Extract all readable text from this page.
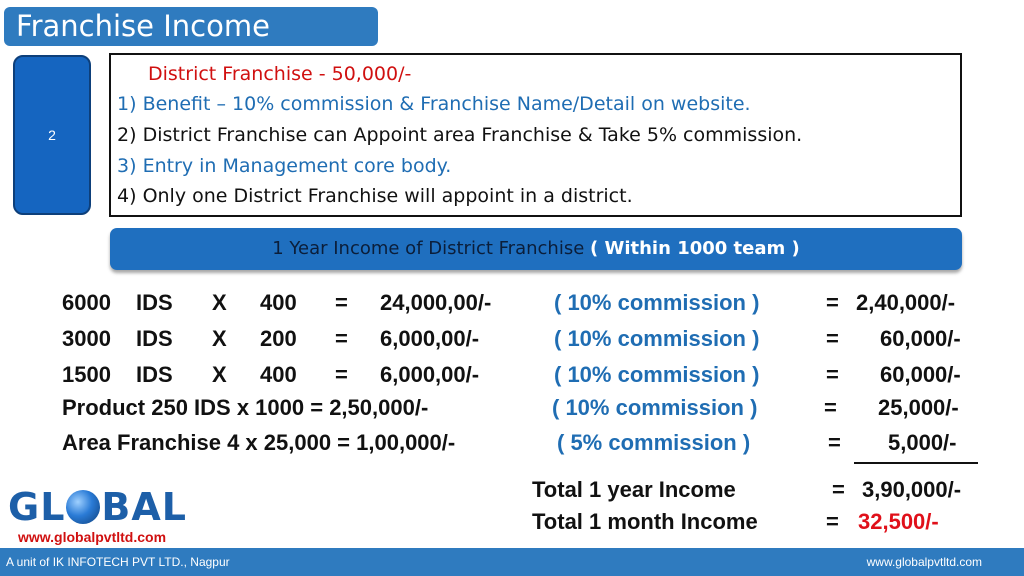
Franchise Income
2
District Franchise - 50,000/-
1) Benefit – 10% commission & Franchise Name/Detail on website.
2) District Franchise can Appoint area Franchise & Take 5% commission.
3) Entry in Management core body.
4) Only one District Franchise will appoint in a district.
1 Year Income of District Franchise ( Within 1000 team )
6000 IDS X 400 = 24,000,00/-	( 10% commission )	= 2,40,000/-
3000 IDS X 200 = 6,000,00/-	( 10% commission )	= 60,000/-
1500 IDS X 400 = 6,000,00/-	( 10% commission )	= 60,000/-
Product 250 IDS x 1000 = 2,50,000/-	( 10% commission )	= 25,000/-
Area Franchise 4 x 25,000 = 1,00,000/-	( 5% commission )	= 5,000/-
Total 1 year Income	= 3,90,000/-
Total 1 month Income	= 32,500/-
GL BAL
www.globalpvtltd.com
A unit of IK INFOTECH PVT LTD., Nagpur	www.globalpvtltd.com
